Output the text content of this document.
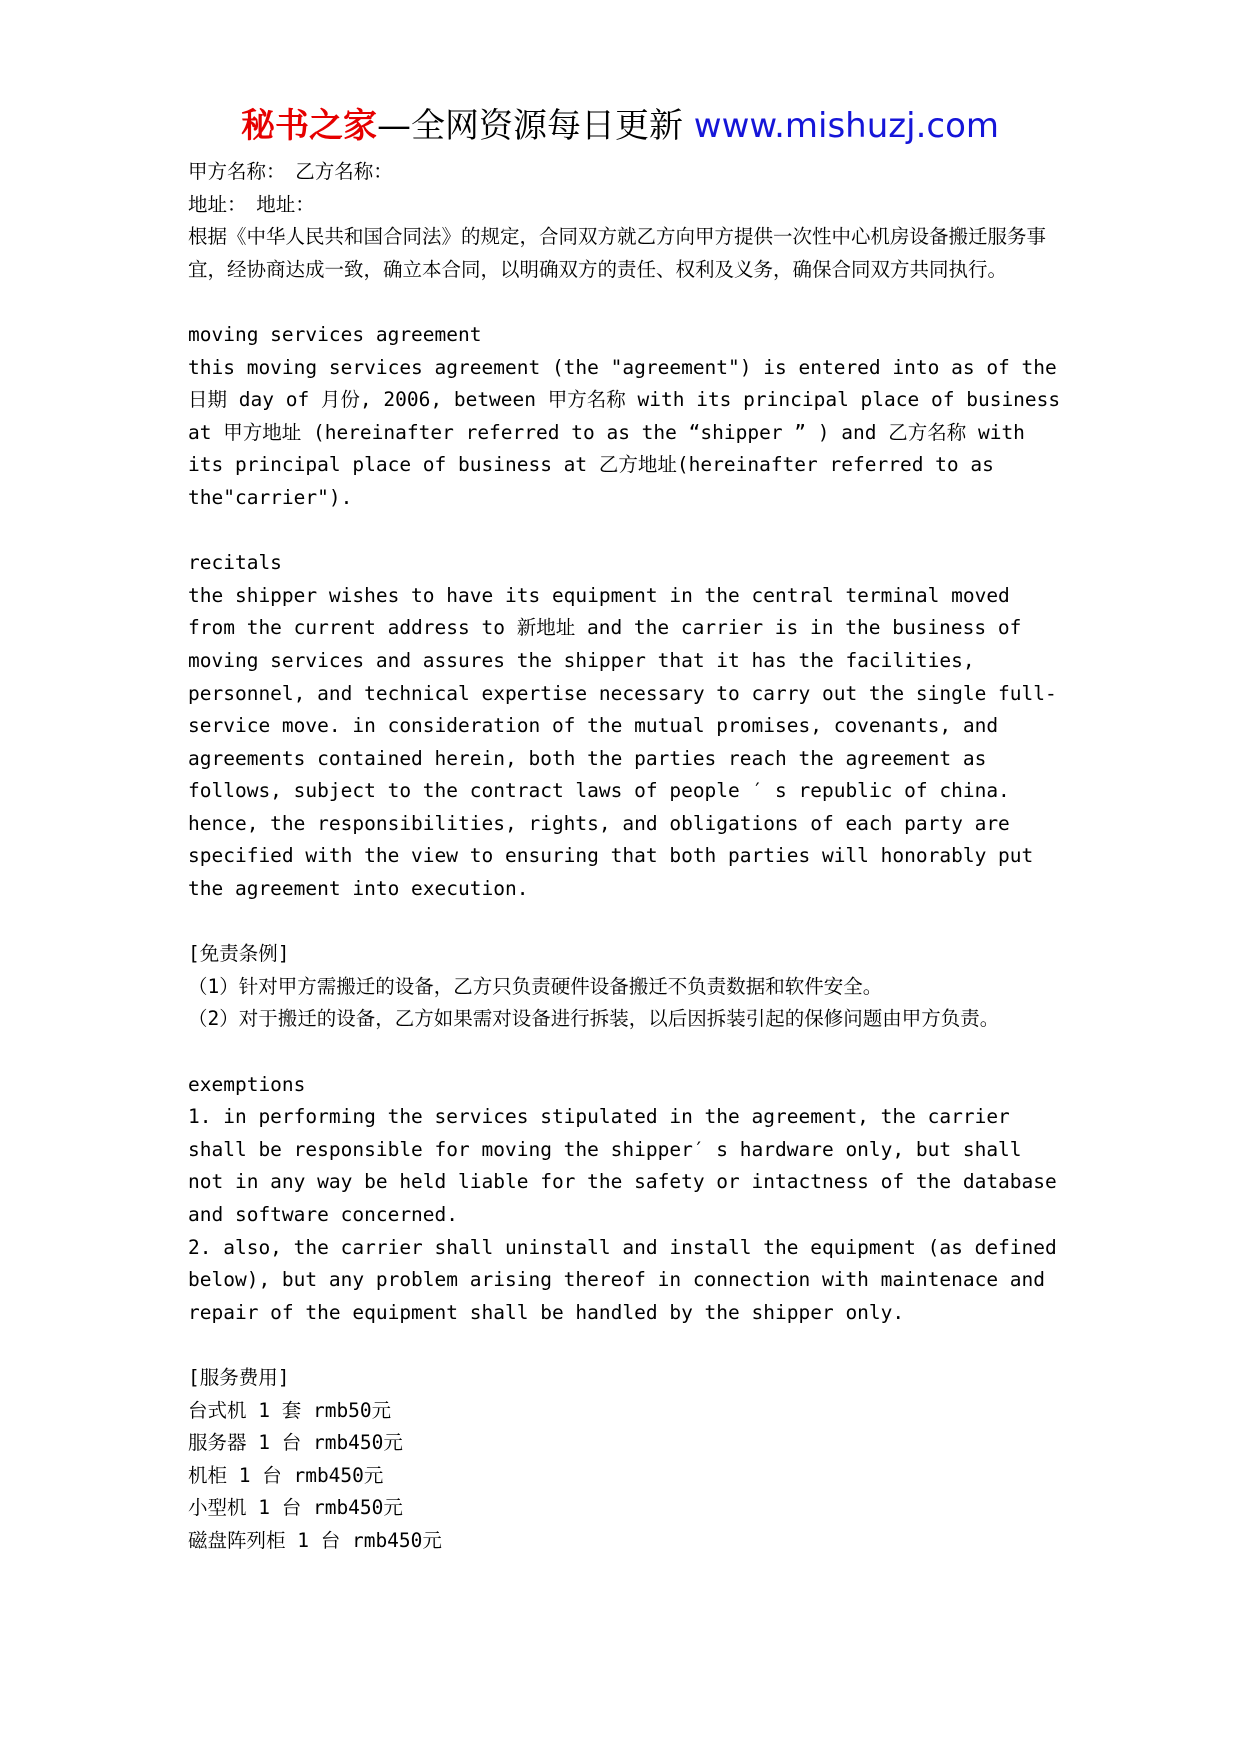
秘书之家—全网资源每日更新 www.mishuzj.com

甲方名称：　乙方名称：

地址：　地址：

根据《中华人民共和国合同法》的规定，合同双方就乙方向甲方提供一次性中心机房设备搬迁服务事宜，经协商达成一致，确立本合同，以明确双方的责任、权利及义务，确保合同双方共同执行。

moving services agreement

this moving services agreement (the "agreement") is entered into as of the 日期 day of 月份, 2006, between 甲方名称 with its principal place of business at 甲方地址 (hereinafter referred to as the “shipper ” ) and 乙方名称 with its principal place of business at 乙方地址(hereinafter referred to as the"carrier").

recitals

the shipper wishes to have its equipment in the central terminal moved from the current address to 新地址 and the carrier is in the business of moving services and assures the shipper that it has the facilities, personnel, and technical expertise necessary to carry out the single full-service move. in consideration of the mutual promises, covenants, and agreements contained herein, both the parties reach the agreement as follows, subject to the contract laws of people ′ s republic of china. hence, the responsibilities, rights, and obligations of each party are specified with the view to ensuring that both parties will honorably put the agreement into execution.

[免责条例]

（1）针对甲方需搬迁的设备，乙方只负责硬件设备搬迁不负责数据和软件安全。

（2）对于搬迁的设备，乙方如果需对设备进行拆装，以后因拆装引起的保修问题由甲方负责。

exemptions

1. in performing the services stipulated in the agreement, the carrier shall be responsible for moving the shipper′ s hardware only, but shall not in any way be held liable for the safety or intactness of the database and software concerned.

2. also, the carrier shall uninstall and install the equipment (as defined below), but any problem arising thereof in connection with maintenace and repair of the equipment shall be handled by the shipper only.

[服务费用]

台式机 1 套 rmb50元

服务器 1 台 rmb450元

机柜 1 台 rmb450元

小型机 1 台 rmb450元

磁盘阵列柜 1 台 rmb450元
